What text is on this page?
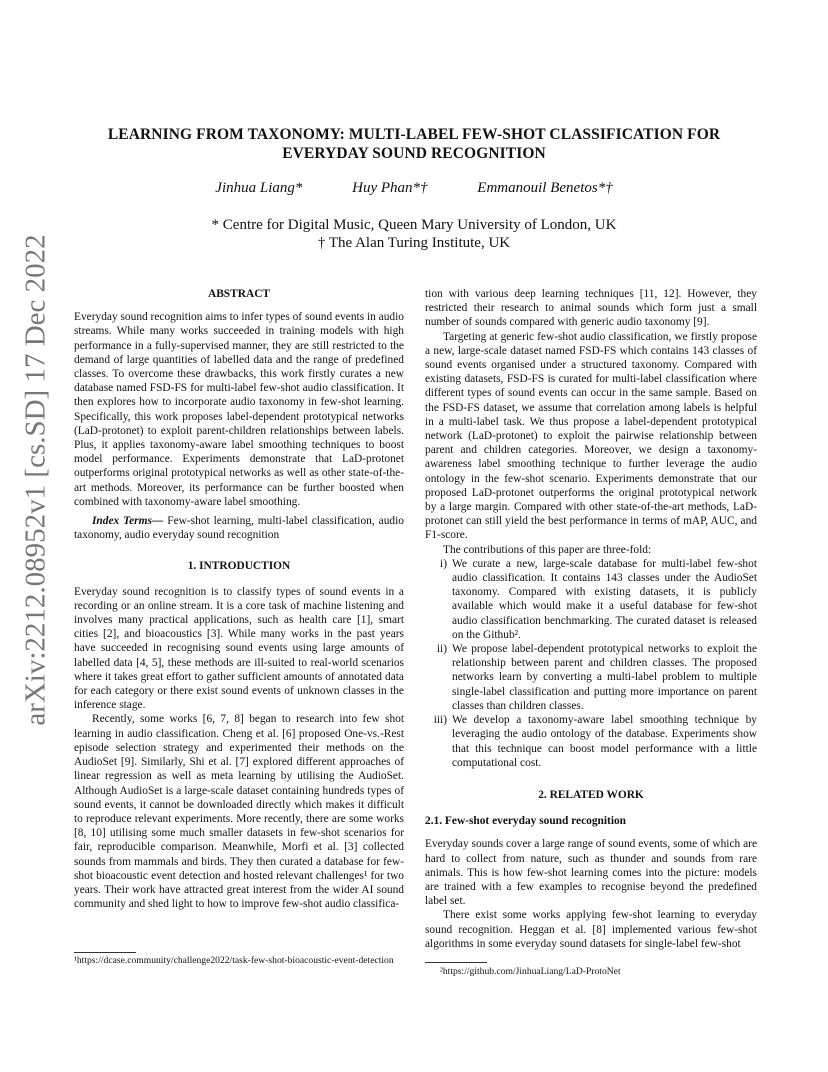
LEARNING FROM TAXONOMY: MULTI-LABEL FEW-SHOT CLASSIFICATION FOR EVERYDAY SOUND RECOGNITION
Jinhua Liang*	Huy Phan*†	Emmanouil Benetos*†
* Centre for Digital Music, Queen Mary University of London, UK
† The Alan Turing Institute, UK
arXiv:2212.08952v1 [cs.SD] 17 Dec 2022	ABSTRACT

Everyday sound recognition aims to infer types of sound events in audio streams. While many works succeeded in training models with high performance in a fully-supervised manner, they are still restricted to the demand of large quantities of labelled data and the range of predefined classes. To overcome these drawbacks, this work firstly curates a new database named FSD-FS for multi-label few-shot audio classification. It then explores how to incorporate audio taxonomy in few-shot learning. Specifically, this work proposes label-dependent prototypical networks (LaD-protonet) to exploit parent-children relationships between labels. Plus, it applies taxonomy-aware label smoothing techniques to boost model performance. Experiments demonstrate that LaD-protonet outperforms original prototypical networks as well as other state-of-the-art methods. Moreover, its performance can be further boosted when combined with taxonomy-aware label smoothing.

Index Terms— Few-shot learning, multi-label classification, audio taxonomy, audio everyday sound recognition

1. INTRODUCTION

Everyday sound recognition is to classify types of sound events in a recording or an online stream. It is a core task of machine listening and involves many practical applications, such as health care [1], smart cities [2], and bioacoustics [3]. While many works in the past years have succeeded in recognising sound events using large amounts of labelled data [4, 5], these methods are ill-suited to real-world scenarios where it takes great effort to gather sufficient amounts of annotated data for each category or there exist sound events of unknown classes in the inference stage.

Recently, some works [6, 7, 8] began to research into few shot learning in audio classification. Cheng et al. [6] proposed One-vs.-Rest episode selection strategy and experimented their methods on the AudioSet [9]. Similarly, Shi et al. [7] explored different approaches of linear regression as well as meta learning by utilising the AudioSet. Although AudioSet is a large-scale dataset containing hundreds types of sound events, it cannot be downloaded directly which makes it difficult to reproduce relevant experiments. More recently, there are some works [8, 10] utilising some much smaller datasets in few-shot scenarios for fair, reproducible comparison. Meanwhile, Morfi et al. [3] collected sounds from mammals and birds. They then curated a database for few-shot bioacoustic event detection and hosted relevant challenges¹ for two years. Their work have attracted great interest from the wider AI sound community and shed light to how to improve few-shot audio classifica-

¹https://dcase.community/challenge2022/task-few-shot-bioacoustic-event-detection

tion with various deep learning techniques [11, 12]. However, they restricted their research to animal sounds which form just a small number of sounds compared with generic audio taxonomy [9].

Targeting at generic few-shot audio classification, we firstly propose a new, large-scale dataset named FSD-FS which contains 143 classes of sound events organised under a structured taxonomy. Compared with existing datasets, FSD-FS is curated for multi-label classification where different types of sound events can occur in the same sample. Based on the FSD-FS dataset, we assume that correlation among labels is helpful in a multi-label task. We thus propose a label-dependent prototypical network (LaD-protonet) to exploit the pairwise relationship between parent and children categories. Moreover, we design a taxonomy-awareness label smoothing technique to further leverage the audio ontology in the few-shot scenario. Experiments demonstrate that our proposed LaD-protonet outperforms the original prototypical network by a large margin. Compared with other state-of-the-art methods, LaD-protonet can still yield the best performance in terms of mAP, AUC, and F1-score.

The contributions of this paper are three-fold:

i) We curate a new, large-scale database for multi-label few-shot audio classification. It contains 143 classes under the AudioSet taxonomy. Compared with existing datasets, it is publicly available which would make it a useful database for few-shot audio classification benchmarking. The curated dataset is released on the Github².
ii) We propose label-dependent prototypical networks to exploit the relationship between parent and children classes. The proposed networks learn by converting a multi-label problem to multiple single-label classification and putting more importance on parent classes than children classes.
iii) We develop a taxonomy-aware label smoothing technique by leveraging the audio ontology of the database. Experiments show that this technique can boost model performance with a little computational cost.
2. RELATED WORK
2.1. Few-shot everyday sound recognition

Everyday sounds cover a large range of sound events, some of which are hard to collect from nature, such as thunder and sounds from rare animals. This is how few-shot learning comes into the picture: models are trained with a few examples to recognise beyond the predefined label set.

There exist some works applying few-shot learning to everyday sound recognition. Heggan et al. [8] implemented various few-shot algorithms in some everyday sound datasets for single-label few-shot

²https://github.com/JinhuaLiang/LaD-ProtoNet
